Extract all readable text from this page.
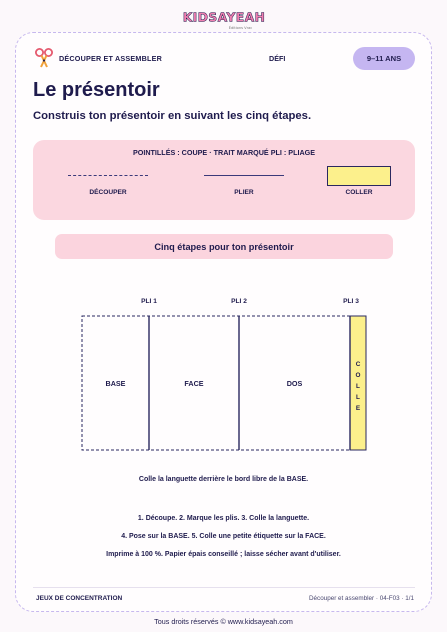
KIDSAYEAH
Éditions Vrac
DÉCOUPER ET ASSEMBLER	DÉFI	9–11 ANS
Le présentoir

Construis ton présentoir en suivant les cinq étapes.

POINTILLÉS : COUPE · TRAIT MARQUÉ PLI : PLIAGE
DÉCOUPER	PLIER	COLLER
Cinq étapes pour ton présentoir
PLI 1	PLI 2	PLI 3
BASE	FACE	DOS
C
O
L
L
E

Colle la languette derrière le bord libre de la BASE.

1. Découpe. 2. Marque les plis. 3. Colle la languette.

4. Pose sur la BASE. 5. Colle une petite étiquette sur la FACE.

Imprime à 100 %. Papier épais conseillé ; laisse sécher avant d'utiliser.

JEUX DE CONCENTRATION	Découper et assembler · 04-F03 · 1/1

Tous droits réservés © www.kidsayeah.com
